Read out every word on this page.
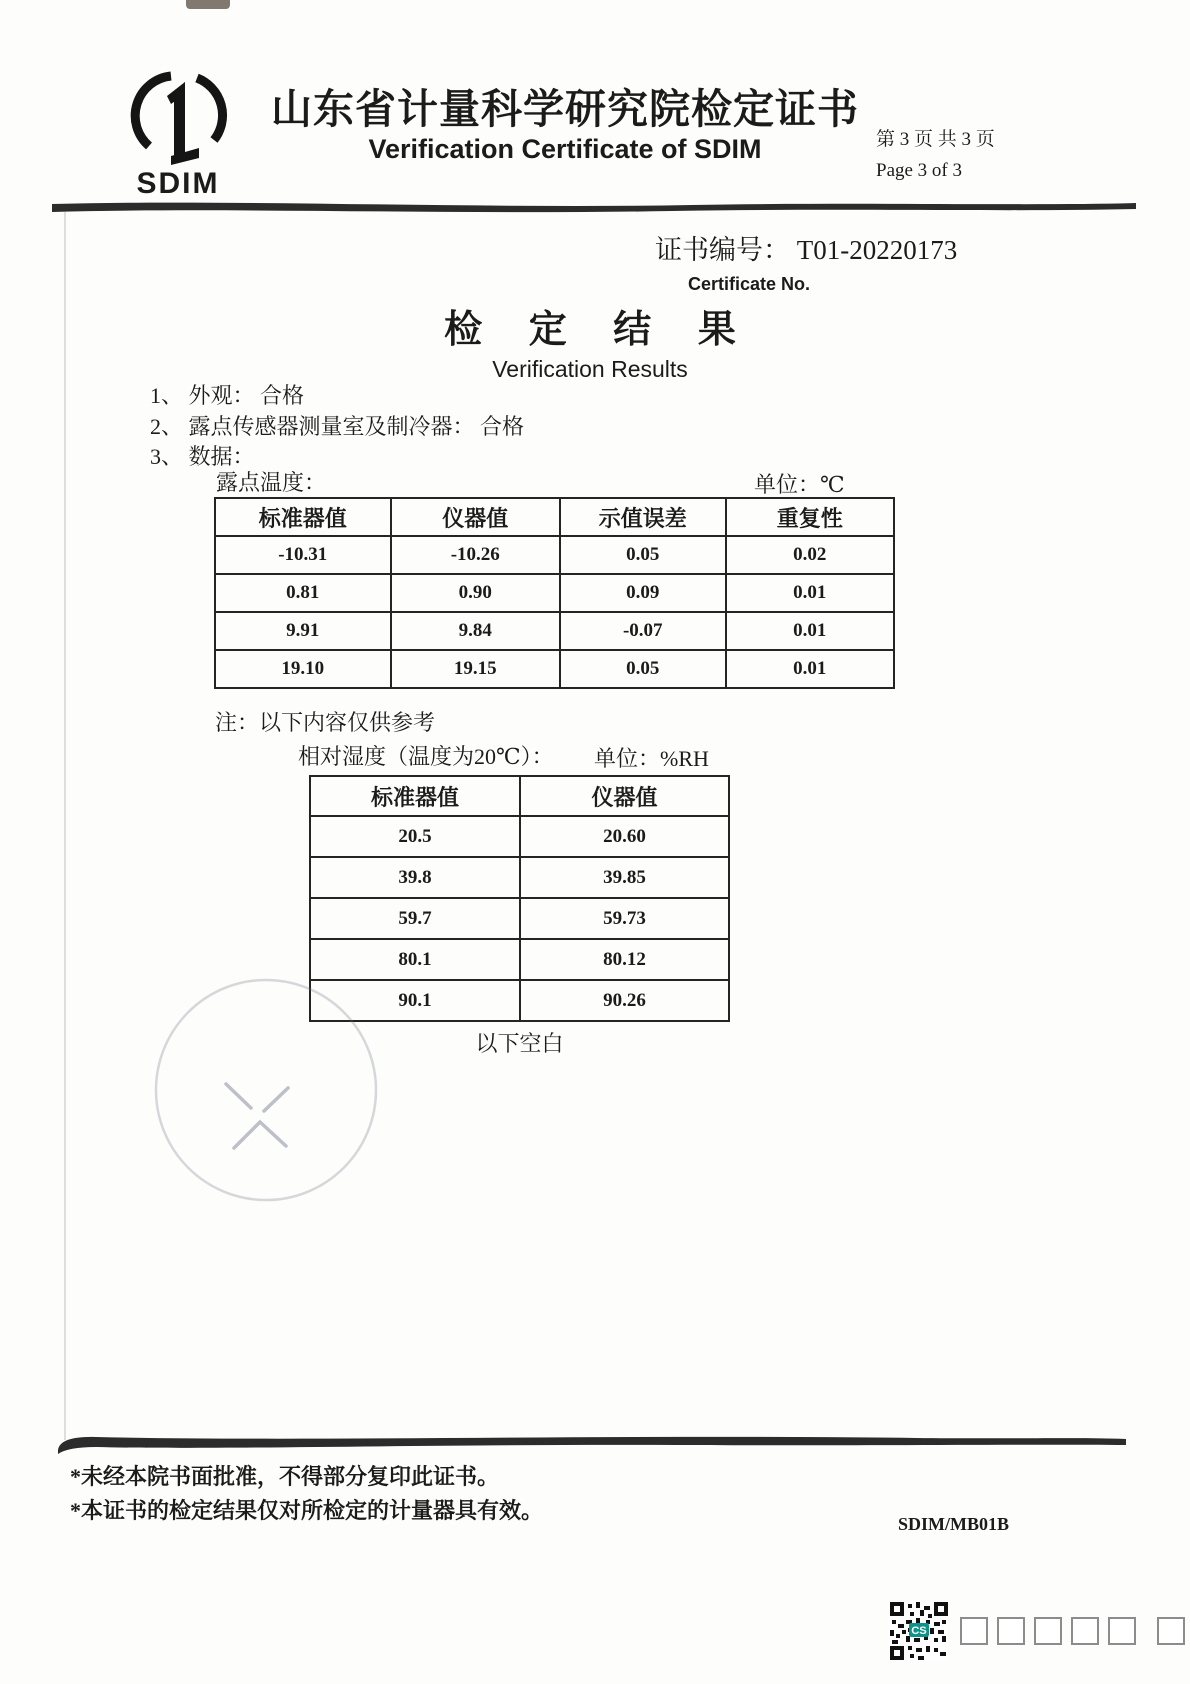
SDIM
山东省计量科学研究院检定证书
Verification Certificate of SDIM	第 3 页 共 3 页
Page 3 of 3
证书编号： T01-20220173
Certificate No.
检 定 结 果
Verification Results
1、 外观： 合格
2、 露点传感器测量室及制冷器： 合格
3、 数据：
露点温度：	单位：℃
标准器值	仪器值	示值误差	重复性
-10.31	-10.26	0.05	0.02
0.81	0.90	0.09	0.01
9.91	9.84	-0.07	0.01
19.10	19.15	0.05	0.01
注：以下内容仅供参考
相对湿度（温度为20℃）： 单位：%RH
标准器值	仪器值
20.5	20.60
39.8	39.85
59.7	59.73
80.1	80.12
90.1	90.26
以下空白
*未经本院书面批准，不得部分复印此证书。
*本证书的检定结果仅对所检定的计量器具有效。
SDIM/MB01B
CS
